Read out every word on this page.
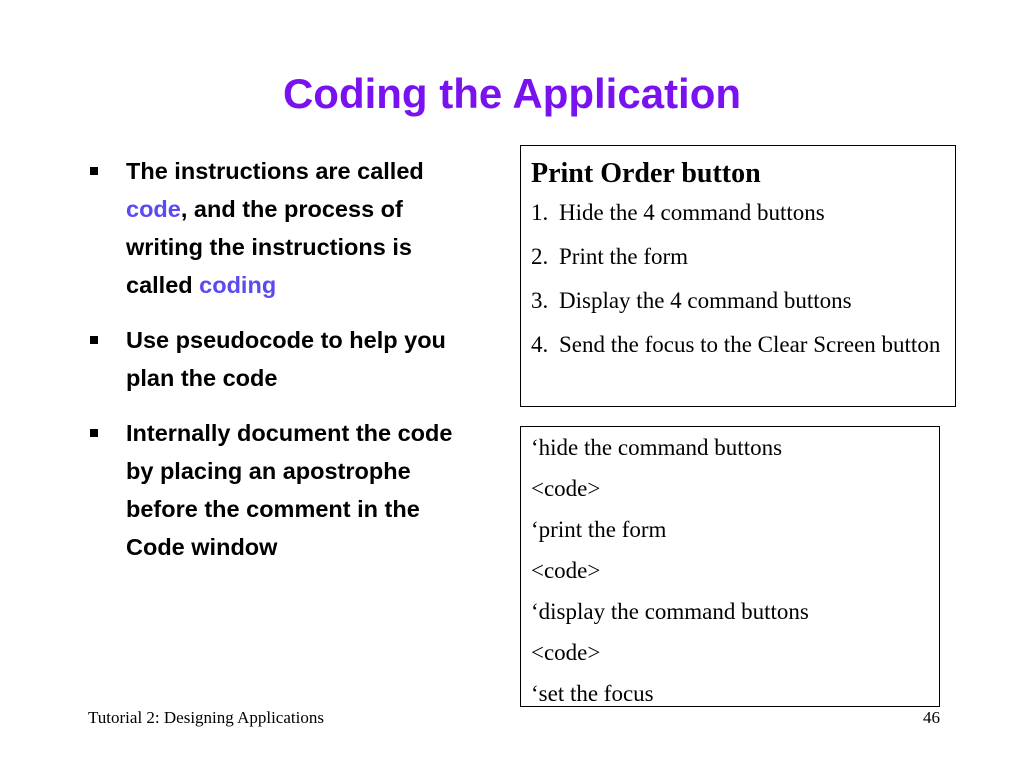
Coding the Application
The instructions are called code, and the process of writing the instructions is called coding
Use pseudocode to help you plan the code
Internally document the code by placing an apostrophe before the comment in the Code window
Print Order button
1. Hide the 4 command buttons
2. Print the form
3. Display the 4 command buttons
4. Send the focus to the Clear Screen button
‘hide the command buttons
<code>
‘print the form
<code>
‘display the command buttons
<code>
‘set the focus
Tutorial 2: Designing Applications	46
